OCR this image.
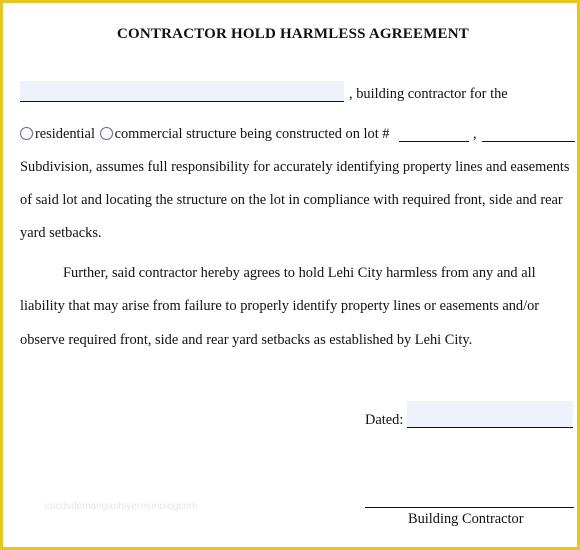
CONTRACTOR HOLD HARMLESS AGREEMENT
, building contractor for the
residential commercial structure being constructed on lot #	,
Subdivision, assumes full responsibility for accurately identifying property lines and easements
of said lot and locating the structure on the lot in compliance with required front, side and rear
yard setbacks.
Further, said contractor hereby agrees to hold Lehi City harmless from any and all
liability that may arise from failure to properly identify property lines or easements and/or
observe required front, side and rear yard setbacks as established by Lehi City.
Dated:
Building Contractor
cocdsdemanganhiyermonologcom
